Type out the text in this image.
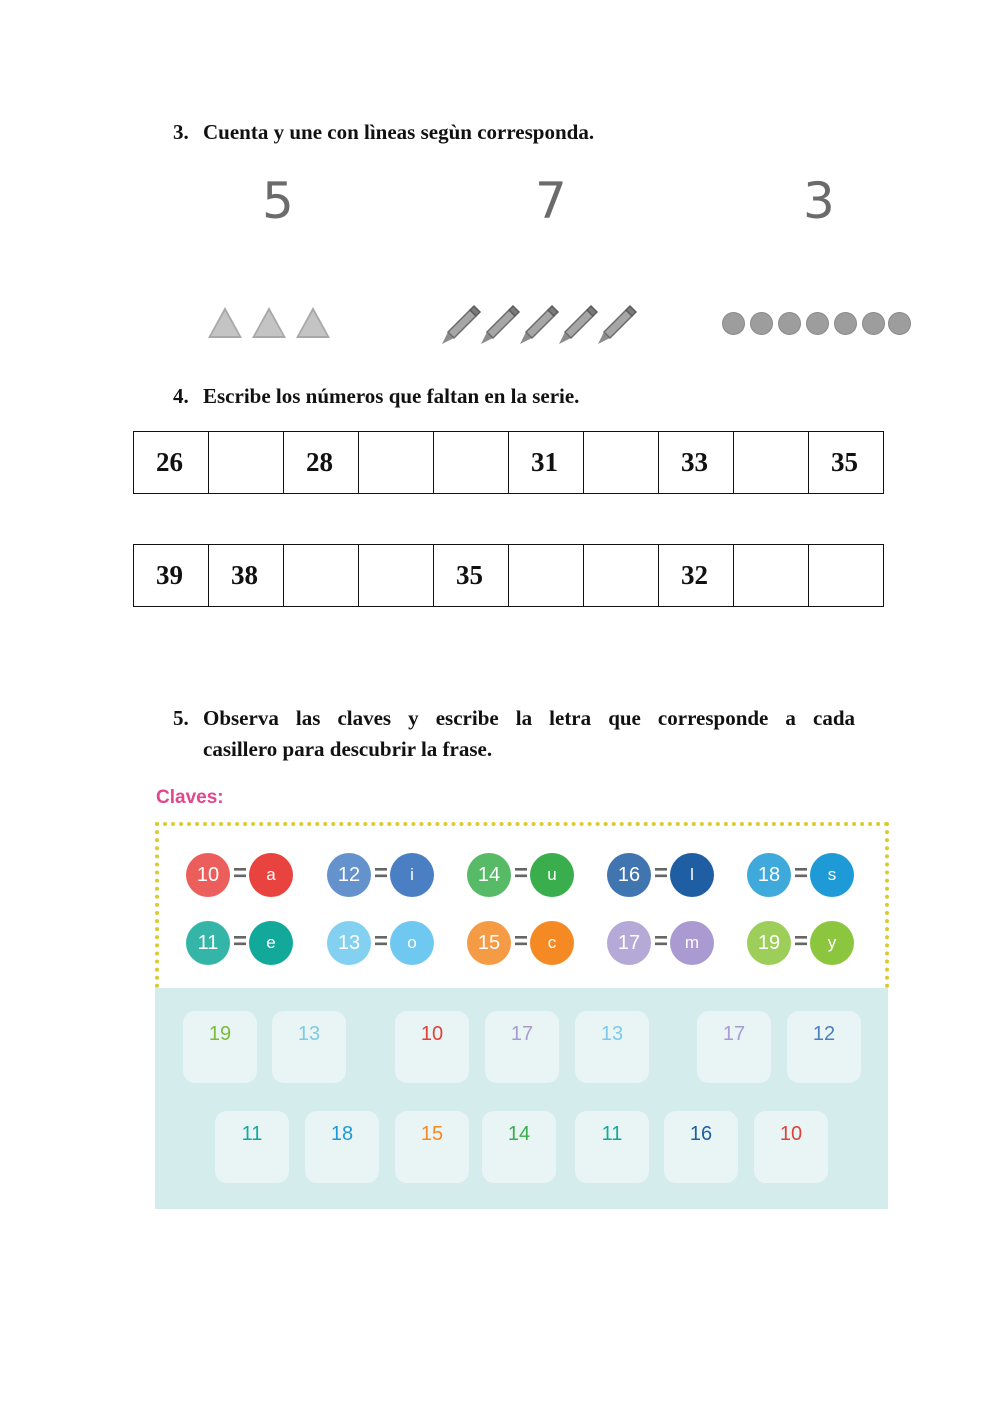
3. Cuenta y une con lìneas segùn corresponda.
5	7	3
4. Escribe los números que faltan en la serie.
26		28			31		33		35
39	38			35			32		
5. Observa las claves y escribe la letra que corresponde a cada
casillero para descubrir la frase.
Claves:
10 =	a	12 =	i	14 =	u	16 =	l	18 =	s
11 =	e	13 =	o	15 =	c	17 = m	19 =	y
19	13	10	17	13	17	12
11	18	15	14	11	16	10
